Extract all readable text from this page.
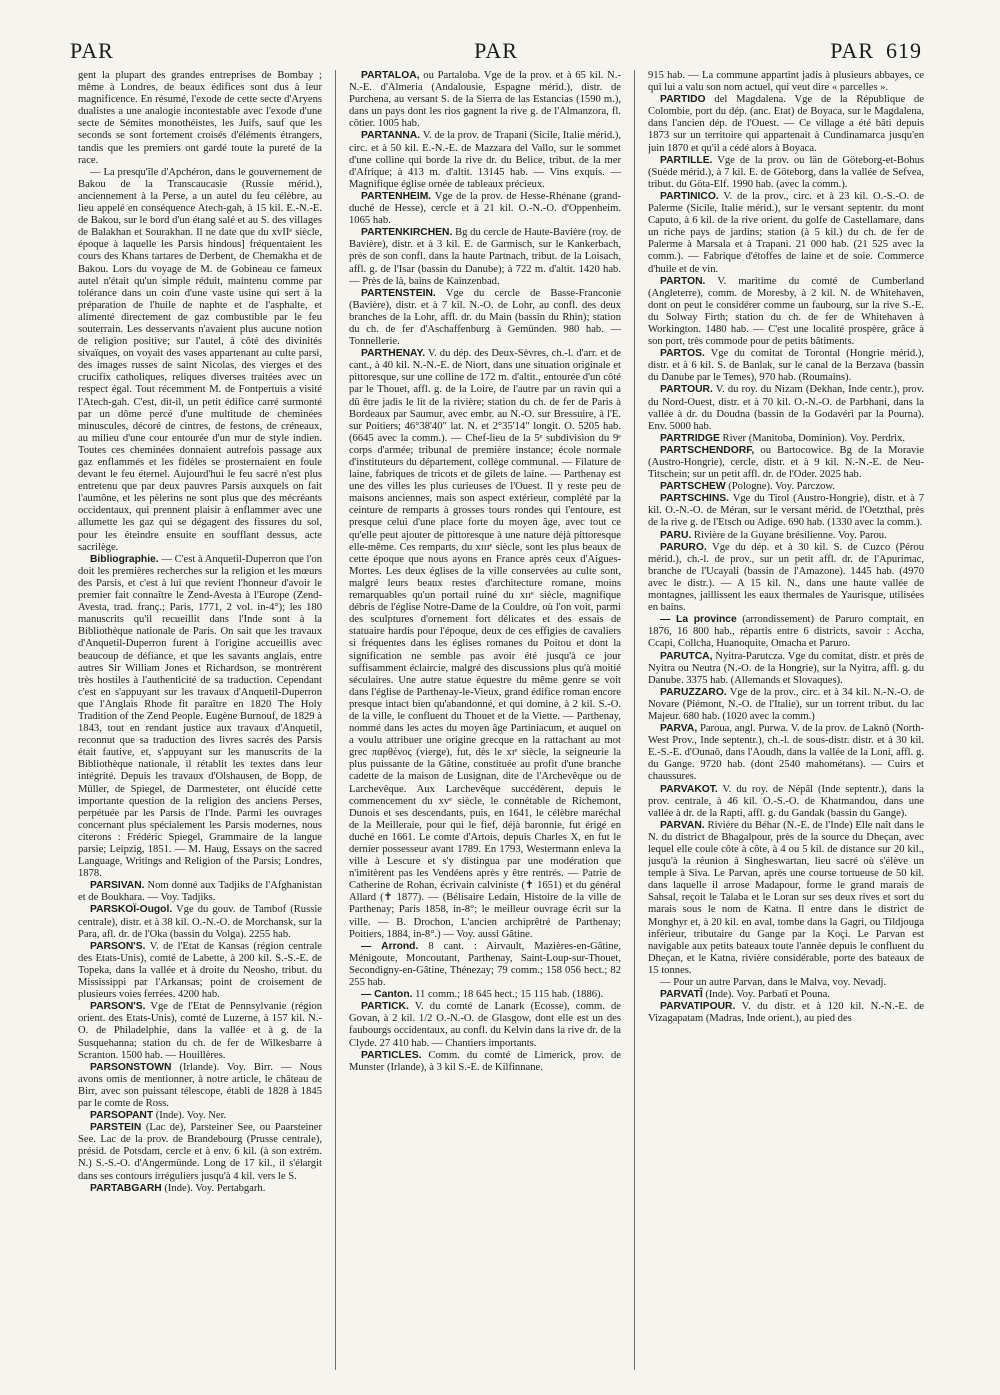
PAR	PAR	PAR 619

gent la plupart des grandes entreprises de Bombay ; même à Londres, de beaux édifices sont dus à leur magnificence. En résumé, l'exode de cette secte d'Aryens dualistes a une analogie incontestable avec l'exode d'une secte de Sémites monothéistes, les Juifs, sauf que les seconds se sont fortement croisés d'éléments étrangers, tandis que les premiers ont gardé toute la pureté de la race.

— La presqu'île d'Apchéron, dans le gouvernement de Bakou de la Transcaucasie (Russie mérid.), anciennement à la Perse, a un autel du feu célèbre, au lieu appelé en conséquence Atech-gah, à 15 kil. E.-N.-E. de Bakou, sur le bord d'un étang salé et au S. des villages de Balakhan et Sourakhan. Il ne date que du xvIIᵉ siècle, époque à laquelle les Parsis hindous] fréquentaient les cours des Khans tartares de Derbent, de Chemakha et de Bakou. Lors du voyage de M. de Gobineau ce fameux autel n'était qu'un simple réduit, maintenu comme par tolérance dans un coin d'une vaste usine qui sert à la préparation de l'huile de naphte et de l'asphalte, et alimenté directement de gaz combustible par le feu souterrain. Les desservants n'avaient plus aucune notion de religion positive; sur l'autel, à côté des divinités sivaïques, on voyait des vases appartenant au culte parsi, des images russes de saint Nicolas, des vierges et des crucifix catholiques, reliques diverses traitées avec un respect égal. Tout récemment M. de Fontpertuis a visité l'Atech-gah. C'est, dit-il, un petit édifice carré surmonté par un dôme percé d'une multitude de cheminées minuscules, décoré de cintres, de festons, de créneaux, au milieu d'une cour entourée d'un mur de style indien. Toutes ces cheminées donnaient autrefois passage aux gaz enflammés et les fidèles se prosternaient en foule devant le feu éternel. Aujourd'hui le feu sacré n'est plus entretenu que par deux pauvres Parsis auxquels on fait l'aumône, et les pèlerins ne sont plus que des mécréants occidentaux, qui prennent plaisir à enflammer avec une allumette les gaz qui se dégagent des fissures du sol, pour les éteindre ensuite en soufflant dessus, acte sacrilège.

Bibliographie. — C'est à Anquetil-Duperron que l'on doit les premières recherches sur la religion et les mœurs des Parsis, et c'est à lui que revient l'honneur d'avoir le premier fait connaître le Zend-Avesta à l'Europe (Zend-Avesta, trad. franç.; Paris, 1771, 2 vol. in-4°); les 180 manuscrits qu'il recueillit dans l'Inde sont à la Bibliothèque nationale de Paris. On sait que les travaux d'Anquetil-Duperron furent à l'origine accueillis avec beaucoup de défiance, et que les savants anglais, entre autres Sir William Jones et Richardson, se montrèrent très hostiles à l'authenticité de sa traduction. Cependant c'est en s'appuyant sur les travaux d'Anquetil-Duperron que l'Anglais Rhode fit paraître en 1820 The Holy Tradition of the Zend People. Eugène Burnouf, de 1829 à 1843, tout en rendant justice aux travaux d'Anquetil, reconnut que sa traduction des livres sacrés des Parsis était fautive, et, s'appuyant sur les manuscrits de la Bibliothèque nationale, il rétablit les textes dans leur intégrité. Depuis les travaux d'Olshausen, de Bopp, de Müller, de Spiegel, de Darmesteter, ont élucidé cette importante question de la religion des anciens Perses, perpétuée par les Parsis de l'Inde. Parmi les ouvrages concernant plus spécialement les Parsis modernes, nous citerons : Frédéric Spiegel, Grammaire de la langue parsie; Leipzig, 1851. — M. Haug, Essays on the sacred Language, Writings and Religion of the Parsis; Londres, 1878.

PARSIVAN. Nom donné aux Tadjiks de l'Afghanistan et de Boukhara. — Voy. Tadjiks.

PARSKOÏ-Ougol. Vge du gouv. de Tambof (Russie centrale), distr. et à 38 kil. O.-N.-O. de Morchansk, sur la Para, afl. dr. de l'Oka (bassin du Volga). 2255 hab.

PARSON'S. V. de l'Etat de Kansas (région centrale des Etats-Unis), comté de Labette, à 200 kil. S.-S.-E. de Topeka, dans la vallée et à droite du Neosho, tribut. du Mississippi par l'Arkansas; point de croisement de plusieurs voies ferrées. 4200 hab.

PARSON'S. Vge de l'Etat de Pennsylvanie (région orient. des Etats-Unis), comté de Luzerne, à 157 kil. N.-O. de Philadelphie, dans la vallée et à g. de la Susquehanna; station du ch. de fer de Wilkesbarre à Scranton. 1500 hab. — Houillères.

PARSONSTOWN (Irlande). Voy. Birr. — Nous avons omis de mentionner, à notre article, le château de Birr, avec son puissant télescope, établi de 1828 à 1845 par le comte de Ross.

PARSOPANT (Inde). Voy. Ner.

PARSTEIN (Lac de), Parsteiner See, ou Paarsteiner See. Lac de la prov. de Brandebourg (Prusse centrale), présid. de Potsdam, cercle et à env. 6 kil. (à son extrém. N.) S.-S.-O. d'Angermünde. Long de 17 kil., il s'élargit dans ses contours irréguliers jusqu'à 4 kil. vers le S.

PARTABGARH (Inde). Voy. Pertabgarh.

PARTALOA, ou Partaloba. Vge de la prov. et à 65 kil. N.-N.-E. d'Almeria (Andalousie, Espagne mérid.), distr. de Purchena, au versant S. de la Sierra de las Estancias (1590 m.), dans un pays dont les rios gagnent la rive g. de l'Almanzora, fl. côtier. 1005 hab.

PARTANNA. V. de la prov. de Trapani (Sicile, Italie mérid.), circ. et à 50 kil. E.-N.-E. de Mazzara del Vallo, sur le sommet d'une colline qui borde la rive dr. du Belice, tribut. de la mer d'Afrique; à 413 m. d'altit. 13145 hab. — Vins exquis. — Magnifique église ornée de tableaux précieux.

PARTENHEIM. Vge de la prov. de Hesse-Rhénane (grand-duché de Hesse), cercle et à 21 kil. O.-N.-O. d'Oppenheim. 1065 hab.

PARTENKIRCHEN. Bg du cercle de Haute-Bavière (roy. de Bavière), distr. et à 3 kil. E. de Garmisch, sur le Kankerbach, près de son confl. dans la haute Partnach, tribut. de la Loisach, affl. g. de l'Isar (bassin du Danube); à 722 m. d'altit. 1420 hab. — Près de là, bains de Kainzenbad.

PARTENSTEIN. Vge du cercle de Basse-Franconie (Bavière), distr. et à 7 kil. N.-O. de Lohr, au confl. des deux branches de la Lohr, affl. dr. du Main (bassin du Rhin); station du ch. de fer d'Aschaffenburg à Gemünden. 980 hab. — Tonnellerie.

PARTHENAY. V. du dép. des Deux-Sèvres, ch.-l. d'arr. et de cant., à 40 kil. N.-N.-E. de Niort, dans une situation originale et pittoresque, sur une colline de 172 m. d'altit., entourée d'un côté par le Thouet, affl. g. de la Loire, de l'autre par un ravin qui a dû être jadis le lit de la rivière; station du ch. de fer de Paris à Bordeaux par Saumur, avec embr. au N.-O. sur Bressuire, à l'E. sur Poitiers; 46°38'40" lat. N. et 2°35'14" longit. O. 5205 hab. (6645 avec la comm.). — Chef-lieu de la 5ᵉ subdivision du 9ᵉ corps d'armée; tribunal de première instance; école normale d'instituteurs du département, collège communal. — Filature de laine, fabriques de tricots et de gilets de laine. — Parthenay est une des villes les plus curieuses de l'Ouest. Il y reste peu de maisons anciennes, mais son aspect extérieur, complété par la ceinture de remparts à grosses tours rondes qui l'entoure, est presque celui d'une place forte du moyen âge, avec tout ce qu'elle peut ajouter de pittoresque à une nature déjà pittoresque elle-même. Ces remparts, du xɪɪɪᵉ siècle, sont les plus beaux de cette époque que nous ayons en France après ceux d'Aigues-Mortes. Les deux églises de la ville conservées au culte sont, malgré leurs beaux restes d'architecture romane, moins remarquables qu'un portail ruiné du xɪɪᵉ siècle, magnifique débris de l'église Notre-Dame de la Couldre, où l'on voit, parmi des sculptures d'ornement fort délicates et des essais de statuaire hardis pour l'époque, deux de ces effigies de cavaliers si fréquentes dans les églises romanes du Poitou et dont la signification ne semble pas avoir été jusqu'à ce jour suffisamment éclaircie, malgré des discussions plus qu'à moitié séculaires. Une autre statue équestre du même genre se voit dans l'église de Parthenay-le-Vieux, grand édifice roman encore presque intact bien qu'abandonné, et qui domine, à 2 kil. S.-O. de la ville, le confluent du Thouet et de la Viette. — Parthenay, nommé dans les actes du moyen âge Partiniacum, et auquel on a voulu attribuer une origine grecque en la rattachant au mot grec παρθένος (vierge), fut, dès le xɪᵉ siècle, la seigneurie la plus puissante de la Gâtine, constituée au profit d'une branche cadette de la maison de Lusignan, dite de l'Archevêque ou de Larchevêque. Aux Larchevêque succédèrent, depuis le commencement du xvᵉ siècle, le connétable de Richemont, Dunois et ses descendants, puis, en 1641, le célèbre maréchal de la Meilleraie, pour qui le fief, déjà baronnie, fut érigé en duché en 1661. Le comte d'Artois, depuis Charles X, en fut le dernier possesseur avant 1789. En 1793, Westermann enleva la ville à Lescure et s'y distingua par une modération que n'imitèrent pas les Vendéens après y être rentrés. — Patrie de Catherine de Rohan, écrivain calviniste (✝ 1651) et du général Allard (✝ 1877). — (Bélisaire Ledain, Histoire de la ville de Parthenay; Paris 1858, in-8°; le meilleur ouvrage écrit sur la ville. — B. Drochon, L'ancien archiprêtré de Parthenay; Poitiers, 1884, in-8°.) — Voy. aussi Gâtine.

— Arrond. 8 cant. : Airvault, Mazières-en-Gâtine, Ménigoute, Moncoutant, Parthenay, Saint-Loup-sur-Thouet, Secondigny-en-Gâtine, Thénezay; 79 comm.; 158 056 hect.; 82 255 hab.

— Canton. 11 comm.; 18 645 hect.; 15 115 hab. (1886).

PARTICK. V. du comté de Lanark (Ecosse), comm. de Govan, à 2 kil. 1/2 O.-N.-O. de Glasgow, dont elle est un des faubourgs occidentaux, au confl. du Kelvin dans la rive dr. de la Clyde. 27 410 hab. — Chantiers importants.

PARTICLES. Comm. du comté de Limerick, prov. de Munster (Irlande), à 3 kil S.-E. de Kilfinnane.

915 hab. — La commune appartint jadis à plusieurs abbayes, ce qui lui a valu son nom actuel, qui veut dire « parcelles ».

PARTIDO del Magdalena. Vge de la République de Colombie, port du dép. (anc. Etat) de Boyaca, sur le Magdalena, dans l'ancien dép. de l'Ouest. — Ce village a été bâti depuis 1873 sur un territoire qui appartenait à Cundinamarca jusqu'en juin 1870 et qu'il a cédé alors à Boyaca.

PARTILLE. Vge de la prov. ou län de Göteborg-et-Bohus (Suède mérid.), à 7 kil. E. de Göteborg, dans la vallée de Sefvea, tribut. du Göta-Elf. 1990 hab. (avec la comm.).

PARTINICO. V. de la prov., circ. et à 23 kil. O.-S.-O. de Palerme (Sicile, Italie mérid.), sur le versant septentr. du mont Caputo, à 6 kil. de la rive orient. du golfe de Castellamare, dans un riche pays de jardins; station (à 5 kil.) du ch. de fer de Palerme à Marsala et à Trapani. 21 000 hab. (21 525 avec la comm.). — Fabrique d'étoffes de laine et de soie. Commerce d'huile et de vin.

PARTON. V. maritime du comté de Cumberland (Angleterre), comm. de Moresby, à 2 kil. N. de Whitehaven, dont on peut le considérer comme un faubourg, sur la rive S.-E. du Solway Firth; station du ch. de fer de Whitehaven à Workington. 1480 hab. — C'est une localité prospère, grâce à son port, très commode pour de petits bâtiments.

PARTOS. Vge du comitat de Torontal (Hongrie mérid.), distr. et à 6 kil. S. de Banlak, sur le canal de la Berzava (bassin du Danube par le Temes), 970 hab. (Roumains).

PARTOUR. V. du roy. du Nizam (Dekhan, Inde centr.), prov. du Nord-Ouest, distr. et à 70 kil. O.-N.-O. de Parbhani, dans la vallée à dr. du Doudna (bassin de la Godavéri par la Pourna). Env. 5000 hab.

PARTRIDGE River (Manitoba, Dominion). Voy. Perdrix.

PARTSCHENDORF, ou Bartocowice. Bg de la Moravie (Austro-Hongrie), cercle, distr. et à 9 kil. N.-N.-E. de Neu-Titschein; sur un petit affl. dr. de l'Oder. 2025 hab.

PARTSCHEW (Pologne). Voy. Parczow.

PARTSCHINS. Vge du Tirol (Austro-Hongrie), distr. et à 7 kil. O.-N.-O. de Méran, sur le versant mérid. de l'Oetzthal, près de la rive g. de l'Etsch ou Adige. 690 hab. (1330 avec la comm.).

PARU. Rivière de la Guyane brésilienne. Voy. Parou.

PARURO. Vge du dép. et à 30 kil. S. de Cuzco (Pérou mérid.), ch.-l. de prov., sur un petit affl. dr. de l'Apurimac, branche de l'Ucayali (bassin de l'Amazone). 1445 hab. (4970 avec le distr.). — A 15 kil. N., dans une haute vallée de montagnes, jaillissent les eaux thermales de Yaurisque, utilisées en bains.

— La province (arrondissement) de Paruro comptait, en 1876, 16 800 hab., répartis entre 6 districts, savoir : Accha, Ccapi, Collcha, Huanoquite, Omacha et Paruro.

PARUTCA, Nyitra-Parutcza. Vge du comitat, distr. et près de Nyitra ou Neutra (N.-O. de la Hongrie), sur la Nyitra, affl. g. du Danube. 3375 hab. (Allemands et Slovaques).

PARUZZARO. Vge de la prov., circ. et à 34 kil. N.-N.-O. de Novare (Piémont, N.-O. de l'Italie), sur un torrent tribut. du lac Majeur. 680 hab. (1020 avec la comm.)

PARVA, Paroua, angl. Purwa. V. de la prov. de Laknô (North-West Prov., Inde septentr.), ch.-l. de sous-distr. distr. et à 30 kil. E.-S.-E. d'Ounaô, dans l'Aoudh, dans la vallée de la Loni, affl. g. du Gange. 9720 hab. (dont 2540 mahométans). — Cuirs et chaussures.

PARVAKOT. V. du roy. de Népâl (Inde septentr.), dans la prov. centrale, à 46 kil. O.-S.-O. de Khatmandou, dans une vallée à dr. de la Rapti, affl. g. du Gandak (bassin du Gange).

PARVAN. Rivière du Béhar (N.-E. de l'Inde) Elle naît dans le N. du district de Bhagalpour, près de la source du Dheçan, avec lequel elle coule côte à côte, à 4 ou 5 kil. de distance sur 20 kil., jusqu'à la réunion à Singheswartan, lieu sacré où s'élève un temple à Siva. Le Parvan, après une course tortueuse de 50 kil. dans laquelle il arrose Madapour, forme le grand marais de Sahsal, reçoit le Talaba et le Loran sur ses deux rives et sort du marais sous le nom de Katna. Il entre dans le district de Monghyr et, à 20 kil. en aval, tombe dans la Gagri, ou Tildjouga inférieur, tributaire du Gange par la Koçi. Le Parvan est navigable aux petits bateaux toute l'année depuis le confluent du Dheçan, et le Katna, rivière considérable, porte des bateaux de 15 tonnes.

— Pour un autre Parvan, dans le Malva, voy. Nevadj.

PARVATÎ (Inde). Voy. Parbatî et Pouna.

PARVATIPOUR. V. du distr. et à 120 kil. N.-N.-E. de Vizagapatam (Madras, Inde orient.), au pied des
